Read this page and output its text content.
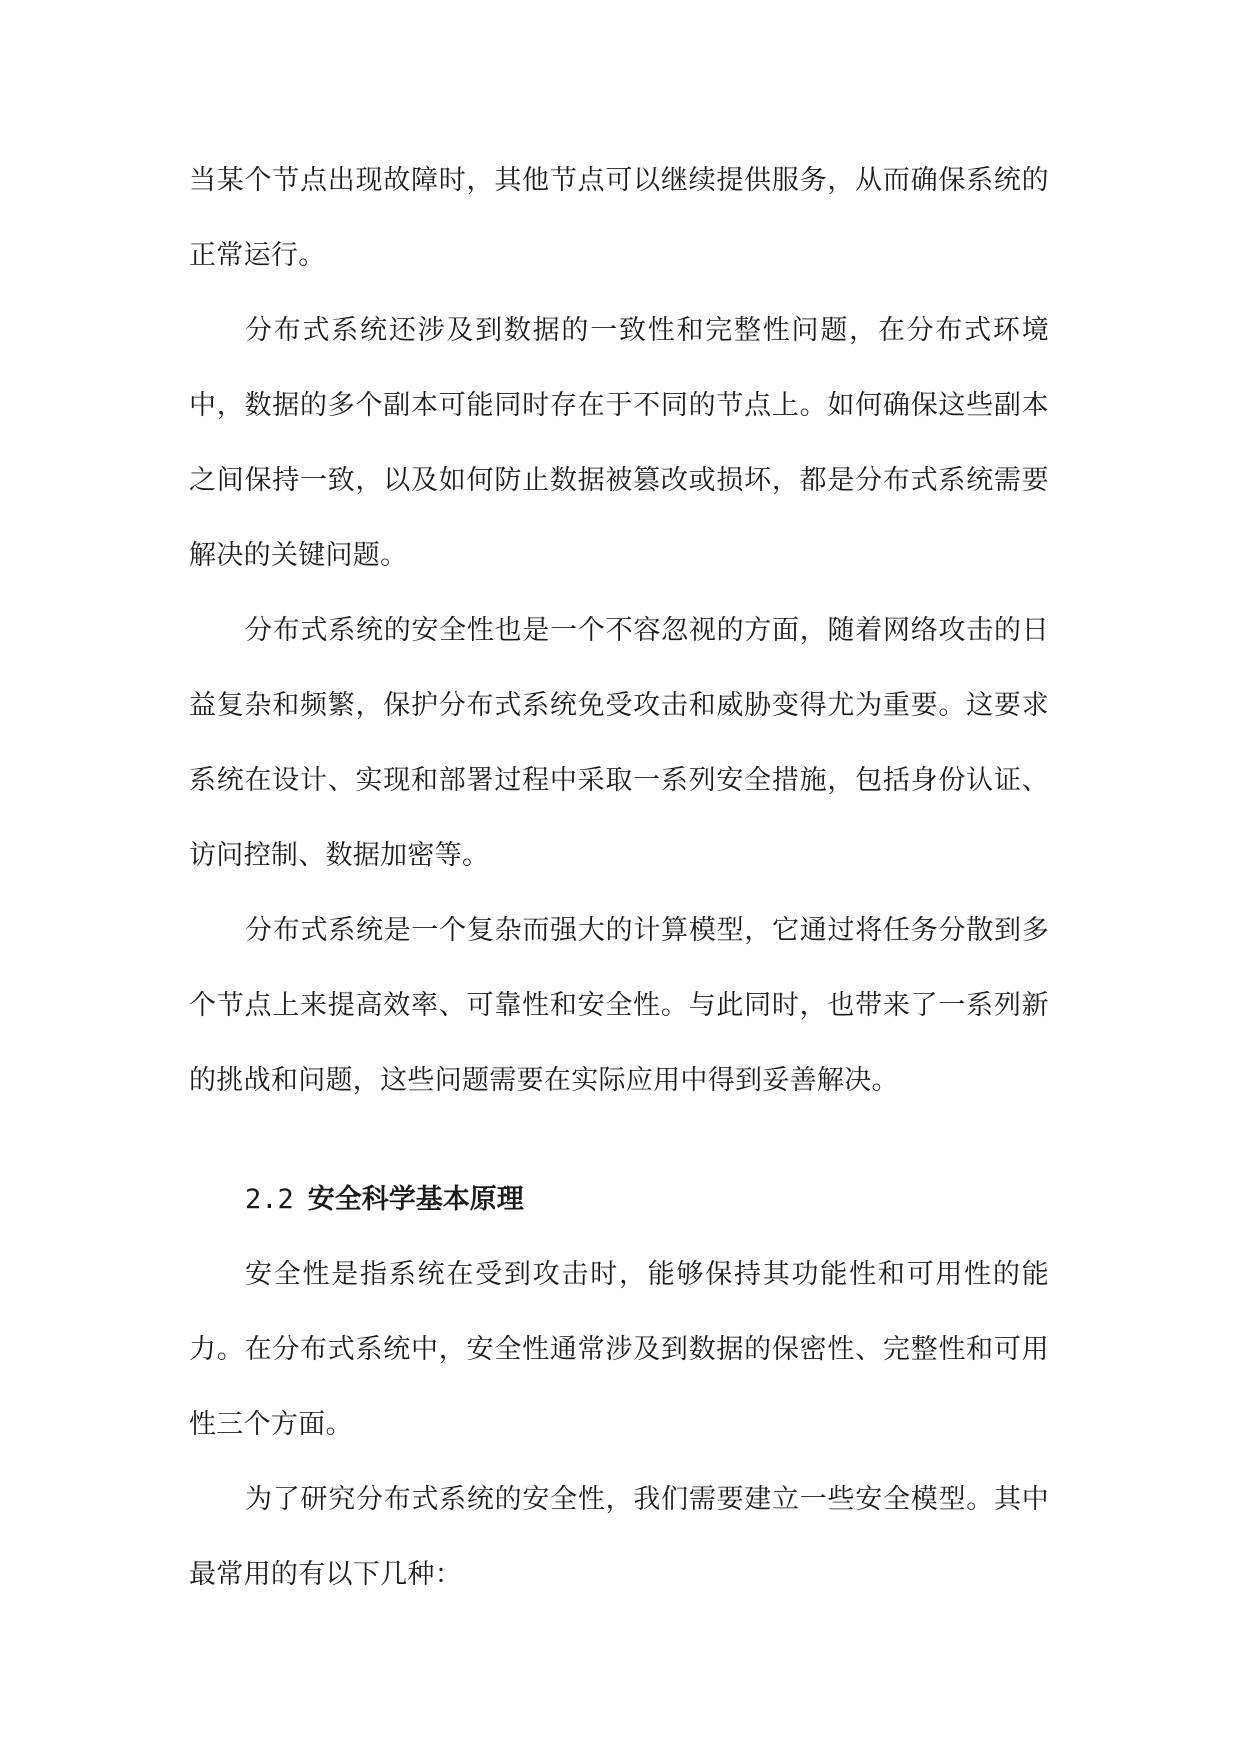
当某个节点出现故障时，其他节点可以继续提供服务，从而确保系统的正常运行。

分布式系统还涉及到数据的一致性和完整性问题，在分布式环境中，数据的多个副本可能同时存在于不同的节点上。如何确保这些副本之间保持一致，以及如何防止数据被篡改或损坏，都是分布式系统需要解决的关键问题。

分布式系统的安全性也是一个不容忽视的方面，随着网络攻击的日益复杂和频繁，保护分布式系统免受攻击和威胁变得尤为重要。这要求系统在设计、实现和部署过程中采取一系列安全措施，包括身份认证、访问控制、数据加密等。

分布式系统是一个复杂而强大的计算模型，它通过将任务分散到多个节点上来提高效率、可靠性和安全性。与此同时，也带来了一系列新的挑战和问题，这些问题需要在实际应用中得到妥善解决。

2.2 安全科学基本原理

安全性是指系统在受到攻击时，能够保持其功能性和可用性的能力。在分布式系统中，安全性通常涉及到数据的保密性、完整性和可用性三个方面。

为了研究分布式系统的安全性，我们需要建立一些安全模型。其中最常用的有以下几种：
